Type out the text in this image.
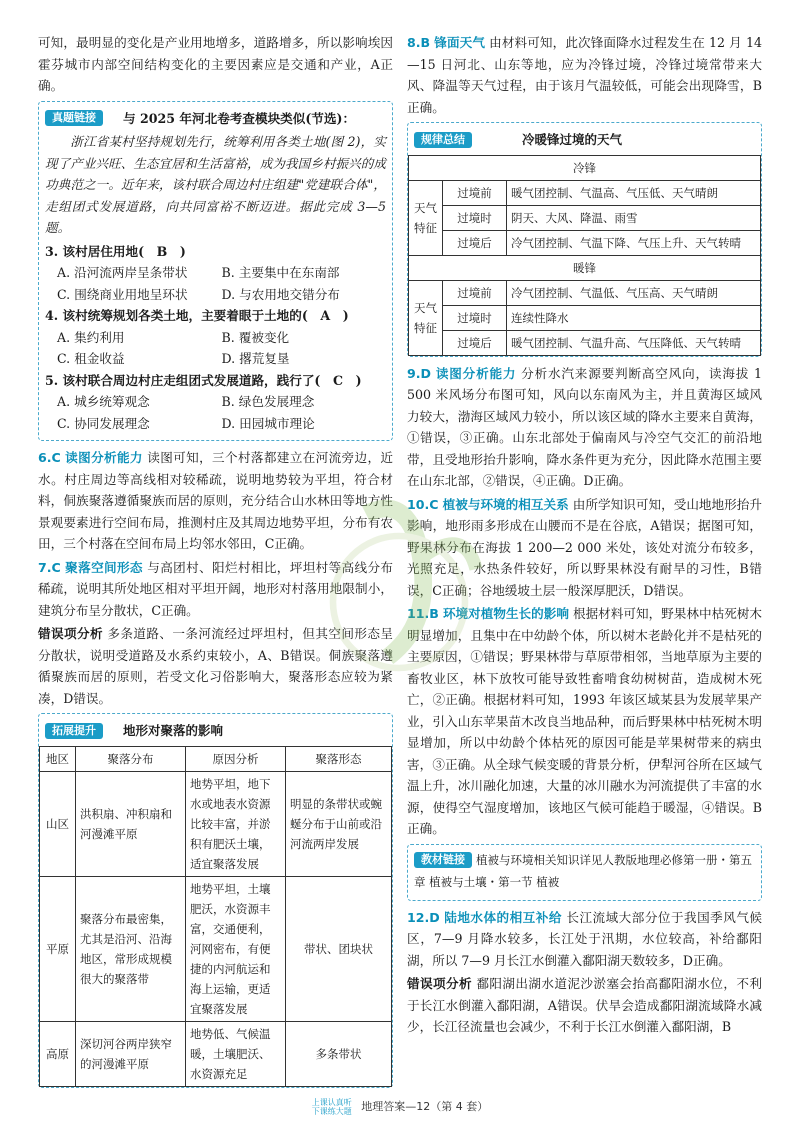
可知，最明显的变化是产业用地增多，道路增多，所以影响埃因霍芬城市内部空间结构变化的主要因素应是交通和产业，A正确。

真题链接	与 2025 年河北卷考查模块类似(节选)：

浙江省某村坚持规划先行，统筹利用各类土地(图 2)，实现了产业兴旺、生态宜居和生活富裕，成为我国乡村振兴的成功典范之一。近年来，该村联合周边村庄组建"党建联合体"，走组团式发展道路，向共同富裕不断迈进。据此完成 3—5 题。

3. 该村居住用地(　B　)
A. 沿河流两岸呈条带状	B. 主要集中在东南部
C. 围绕商业用地呈环状	D. 与农用地交错分布
4. 该村统筹规划各类土地，主要着眼于土地的(　A　)
A. 集约利用	B. 覆被变化
C. 租金收益	D. 撂荒复垦
5. 该村联合周边村庄走组团式发展道路，践行了(　C　)
A. 城乡统筹观念	B. 绿色发展理念
C. 协同发展理念	D. 田园城市理论

6.C 读图分析能力 读图可知，三个村落都建立在河流旁边，近水。村庄周边等高线相对较稀疏，说明地势较为平坦，符合材料，侗族聚落遵循聚族而居的原则，充分结合山水林田等地方性景观要素进行空间布局，推测村庄及其周边地势平坦，分布有农田，三个村落在空间布局上均邻水邻田，C正确。

7.C 聚落空间形态 与高团村、阳烂村相比，坪坦村等高线分布稀疏，说明其所处地区相对平坦开阔，地形对村落用地限制小，建筑分布呈分散状，C正确。

错误项分析 多条道路、一条河流经过坪坦村，但其空间形态呈分散状，说明受道路及水系约束较小，A、B错误。侗族聚落遵循聚族而居的原则，若受文化习俗影响大，聚落形态应较为紧凑，D错误。

拓展提升	地形对聚落的影响
地区	聚落分布	原因分析	聚落形态
山区	洪积扇、冲积扇和河漫滩平原	地势平坦，地下水或地表水资源比较丰富，并淤积有肥沃土壤，适宜聚落发展	明显的条带状或蜿蜒分布于山前或沿河流两岸发展
平原	聚落分布最密集，尤其是沿河、沿海地区，常形成规模很大的聚落带	地势平坦，土壤肥沃，水资源丰富，交通便利，河网密布，有便捷的内河航运和海上运输，更适宜聚落发展	带状、团块状
高原	深切河谷两岸狭窄的河漫滩平原	地势低、气候温暖，土壤肥沃、水资源充足	多条带状

8.B 锋面天气 由材料可知，此次锋面降水过程发生在 12 月 14—15 日河北、山东等地，应为冷锋过境，冷锋过境常带来大风、降温等天气过程，由于该月气温较低，可能会出现降雪，B正确。

规律总结	冷暖锋过境的天气
冷锋		
天气特征	过境前	暖气团控制、气温高、气压低、天气晴朗
	过境时	阴天、大风、降温、雨雪
	过境后	冷气团控制、气温下降、气压上升、天气转晴
暖锋		
天气特征	过境前	冷气团控制、气温低、气压高、天气晴朗
	过境时	连续性降水
	过境后	暖气团控制、气温升高、气压降低、天气转晴

9.D 读图分析能力 分析水汽来源要判断高空风向，读海拔 1 500 米风场分布图可知，风向以东南风为主，并且黄海区域风力较大，渤海区域风力较小，所以该区域的降水主要来自黄海，①错误，③正确。山东北部处于偏南风与冷空气交汇的前沿地带，且受地形抬升影响，降水条件更为充分，因此降水范围主要在山东北部，②错误，④正确。D正确。

10.C 植被与环境的相互关系 由所学知识可知，受山地地形抬升影响，地形雨多形成在山腰而不是在谷底，A错误；据图可知，野果林分布在海拔 1 200—2 000 米处，该处对流分布较多，光照充足，水热条件较好，所以野果林没有耐旱的习性，B错误，C正确；谷地缓坡土层一般深厚肥沃，D错误。

11.B 环境对植物生长的影响 根据材料可知，野果林中枯死树木明显增加，且集中在中幼龄个体，所以树木老龄化并不是枯死的主要原因，①错误；野果林带与草原带相邻，当地草原为主要的畜牧业区，林下放牧可能导致牲畜啃食幼树树苗，造成树木死亡，②正确。根据材料可知，1993 年该区域某县为发展苹果产业，引入山东苹果苗木改良当地品种，而后野果林中枯死树木明显增加，所以中幼龄个体枯死的原因可能是苹果树带来的病虫害，③正确。从全球气候变暖的背景分析，伊犁河谷所在区域气温上升，冰川融化加速，大量的冰川融水为河流提供了丰富的水源，使得空气湿度增加，该地区气候可能趋于暖湿，④错误。B正确。

教材链接 植被与环境相关知识详见人教版地理必修第一册・第五章 植被与土壤・第一节 植被

12.D 陆地水体的相互补给 长江流域大部分位于我国季风气候区，7—9 月降水较多，长江处于汛期，水位较高，补给鄱阳湖，所以 7—9 月长江水倒灌入鄱阳湖天数较多，D正确。

错误项分析 鄱阳湖出湖水道泥沙淤塞会抬高鄱阳湖水位，不利于长江水倒灌入鄱阳湖，A错误。伏旱会造成鄱阳湖流域降水减少，长江径流量也会减少，不利于长江水倒灌入鄱阳湖，B

上课认真听
下课练大题 地理答案—12（第 4 套）
